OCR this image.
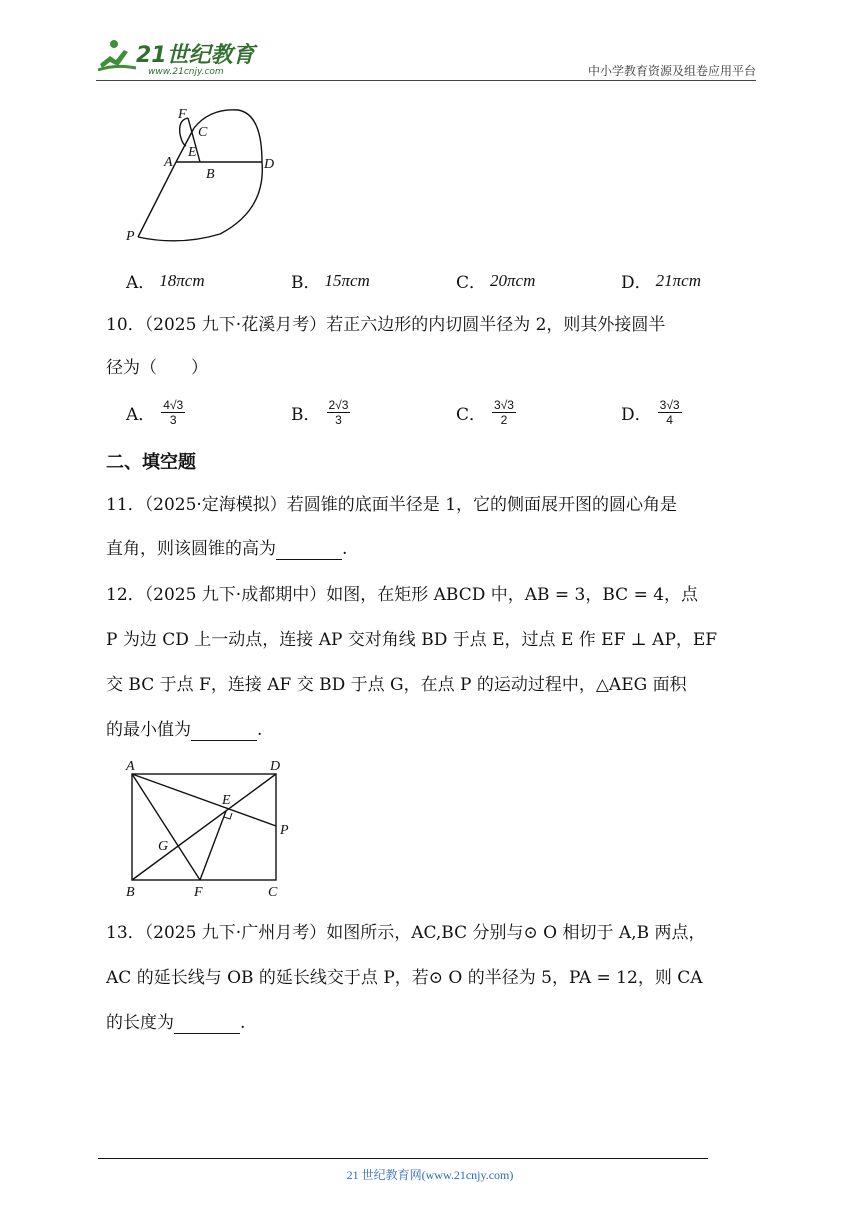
21世纪教育
www.21cnjy.com	中小学教育资源及组卷应用平台
F
C
E
A
B
D
P
A． 18πcm	B． 15πcm	C． 20πcm	D． 21πcm
10．（2025 九下·花溪月考）若正六边形的内切圆半径为 2，则其外接圆半
径为（　　）
A． $\frac{4√3}{3}$	B． $\frac{2√3}{3}$	C． $\frac{3√3}{2}$	D． $\frac{3√3}{4}$
二、填空题
11．（2025·定海模拟）若圆锥的底面半径是 1，它的侧面展开图的圆心角是
直角，则该圆锥的高为	.
12．（2025 九下·成都期中）如图，在矩形 ABCD 中，AB = 3，BC = 4，点
P 为边 CD 上一动点，连接 AP 交对角线 BD 于点 E，过点 E 作 EF ⊥ AP，EF
交 BC 于点 F，连接 AF 交 BD 于点 G，在点 P 的运动过程中，△AEG 面积
的最小值为	.
A	D
E
P
G
B	F	C
13．（2025 九下·广州月考）如图所示，AC,BC 分别与⊙ O 相切于 A,B 两点，
AC 的延长线与 OB 的延长线交于点 P，若⊙ O 的半径为 5，PA = 12，则 CA
的长度为	.
21 世纪教育网(www.21cnjy.com)
